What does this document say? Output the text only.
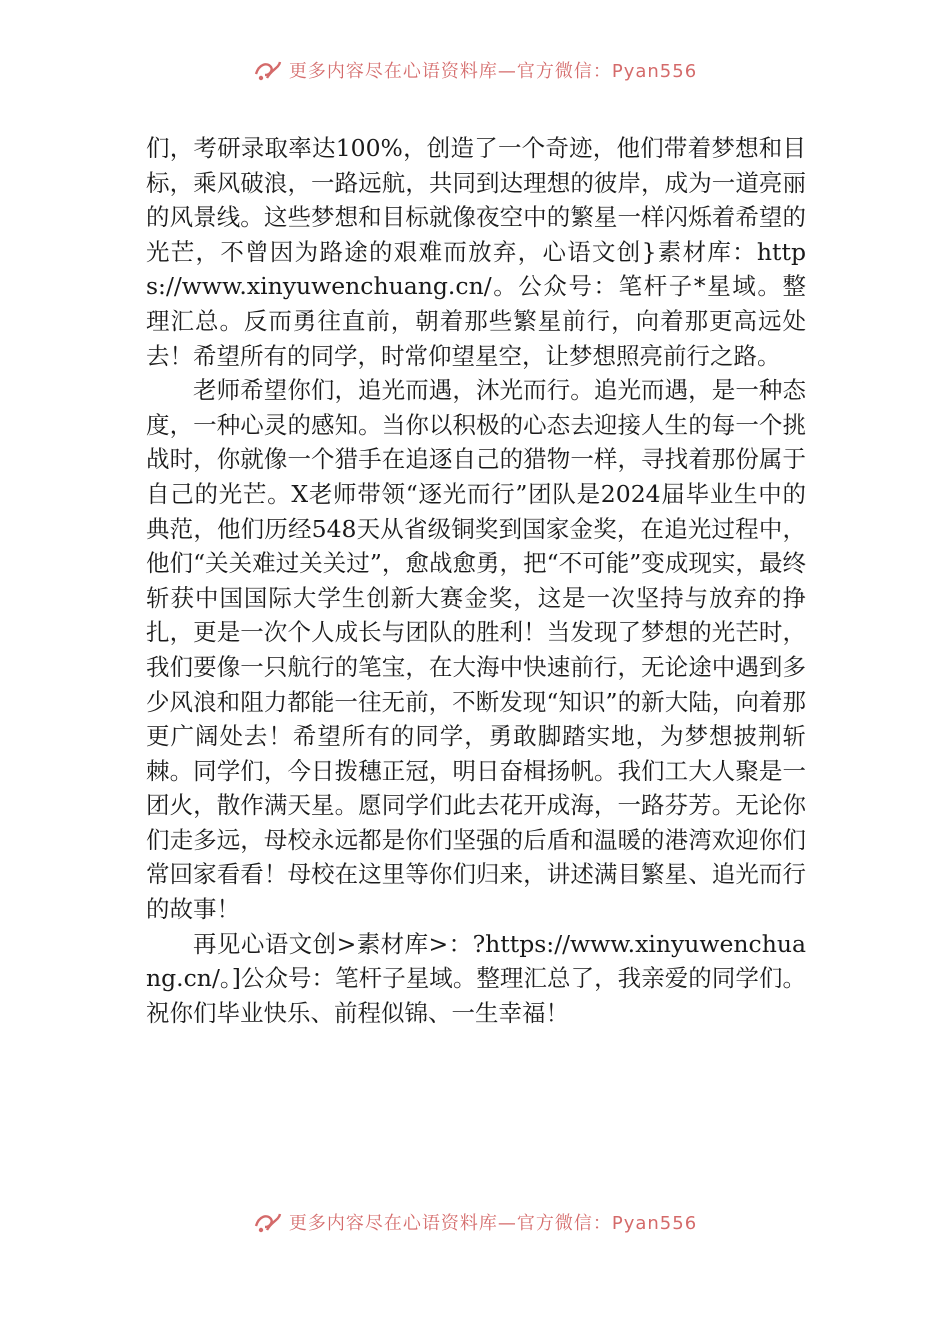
更多内容尽在心语资料库—官方微信：Pyan556

们，考研录取率达100%，创造了一个奇迹，他们带着梦想和目标，乘风破浪，一路远航，共同到达理想的彼岸，成为一道亮丽的风景线。这些梦想和目标就像夜空中的繁星一样闪烁着希望的光芒，不曾因为路途的艰难而放弃，心语文创}素材库：https://www.xinyuwenchuang.cn/。公众号：笔杆子*星域。整理汇总。反而勇往直前，朝着那些繁星前行，向着那更高远处去！希望所有的同学，时常仰望星空，让梦想照亮前行之路。

老师希望你们，追光而遇，沐光而行。追光而遇，是一种态度，一种心灵的感知。当你以积极的心态去迎接人生的每一个挑战时，你就像一个猎手在追逐自己的猎物一样，寻找着那份属于自己的光芒。X老师带领“逐光而行”团队是2024届毕业生中的典范，他们历经548天从省级铜奖到国家金奖，在追光过程中，他们“关关难过关关过”，愈战愈勇，把“不可能”变成现实，最终斩获中国国际大学生创新大赛金奖，这是一次坚持与放弃的挣扎，更是一次个人成长与团队的胜利！当发现了梦想的光芒时，我们要像一只航行的笔宝，在大海中快速前行，无论途中遇到多少风浪和阻力都能一往无前，不断发现“知识”的新大陆，向着那更广阔处去！希望所有的同学，勇敢脚踏实地，为梦想披荆斩棘。同学们，今日拨穗正冠，明日奋楫扬帆。我们工大人聚是一团火，散作满天星。愿同学们此去花开成海，一路芬芳。无论你们走多远，母校永远都是你们坚强的后盾和温暖的港湾欢迎你们常回家看看！母校在这里等你们归来，讲述满目繁星、追光而行的故事！

再见心语文创>素材库>：?https://www.xinyuwenchuang.cn/。]公众号：笔杆子星域。整理汇总了，我亲爱的同学们。祝你们毕业快乐、前程似锦、一生幸福！

更多内容尽在心语资料库—官方微信：Pyan556
